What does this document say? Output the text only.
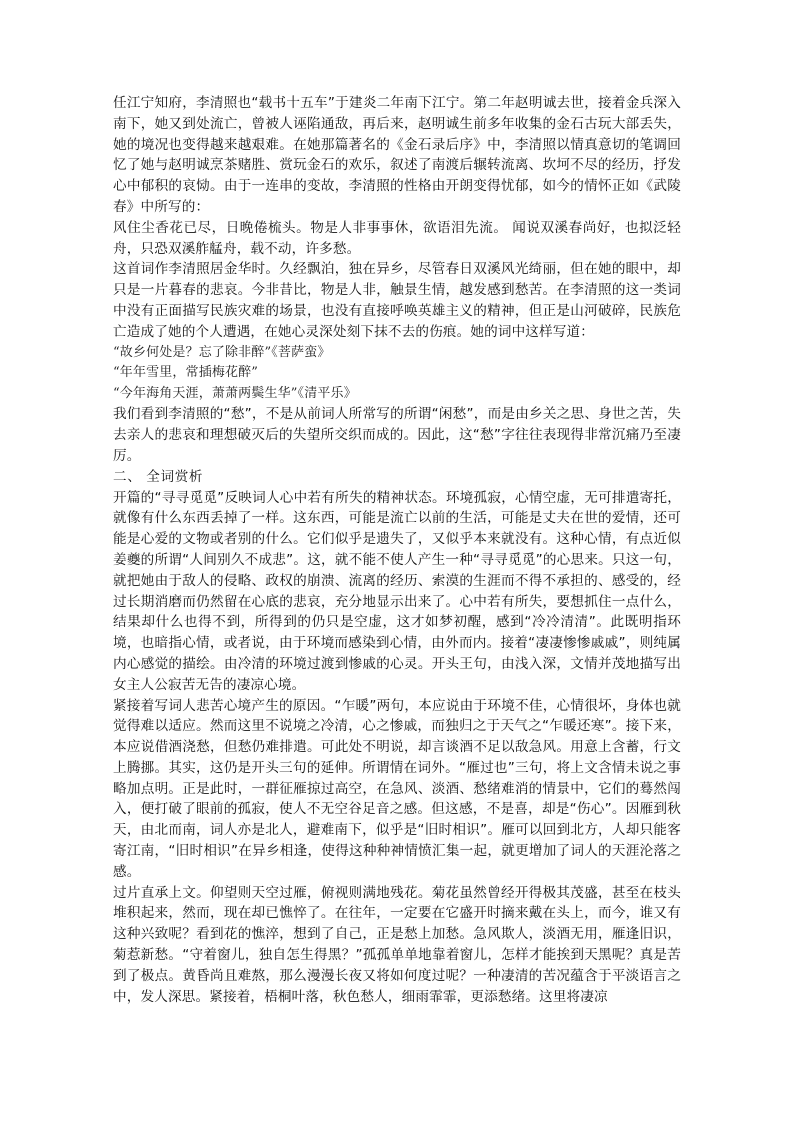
任江宁知府，李清照也“载书十五车”于建炎二年南下江宁。第二年赵明诚去世，接着金兵深入南下，她又到处流亡，曾被人诬陷通敌，再后来，赵明诚生前多年收集的金石古玩大部丢失，她的境况也变得越来越艰难。在她那篇著名的《金石录后序》中，李清照以情真意切的笔调回忆了她与赵明诚烹茶赌胜、赏玩金石的欢乐，叙述了南渡后辗转流离、坎坷不尽的经历，抒发心中郁积的哀恸。由于一连串的变故，李清照的性格由开朗变得忧郁，如今的情怀正如《武陵春》中所写的：

风住尘香花已尽，日晚倦梳头。物是人非事事休，欲语泪先流。 闻说双溪春尚好，也拟泛轻舟，只恐双溪舴艋舟，载不动，许多愁。

这首词作李清照居金华时。久经飘泊，独在异乡，尽管春日双溪风光绮丽，但在她的眼中，却只是一片暮春的悲哀。今非昔比，物是人非，触景生情，越发感到愁苦。在李清照的这一类词中没有正面描写民族灾难的场景，也没有直接呼唤英雄主义的精神，但正是山河破碎，民族危亡造成了她的个人遭遇，在她心灵深处刻下抹不去的伤痕。她的词中这样写道：

“故乡何处是？忘了除非醉”《菩萨蛮》

“年年雪里，常插梅花醉”

“今年海角天涯，萧萧两鬓生华”《清平乐》

我们看到李清照的“愁”，不是从前词人所常写的所谓“闲愁”，而是由乡关之思、身世之苦，失去亲人的悲哀和理想破灭后的失望所交织而成的。因此，这“愁”字往往表现得非常沉痛乃至凄厉。

二、 全词赏析

开篇的“寻寻觅觅”反映词人心中若有所失的精神状态。环境孤寂，心情空虚，无可排遣寄托，就像有什么东西丢掉了一样。这东西，可能是流亡以前的生活，可能是丈夫在世的爱情，还可能是心爱的文物或者别的什么。它们似乎是遗失了，又似乎本来就没有。这种心情，有点近似姜夔的所谓“人间别久不成悲”。这，就不能不使人产生一种“寻寻觅觅”的心思来。只这一句，就把她由于敌人的侵略、政权的崩溃、流离的经历、索漠的生涯而不得不承担的、感受的，经过长期消磨而仍然留在心底的悲哀，充分地显示出来了。心中若有所失，要想抓住一点什么，结果却什么也得不到，所得到的仍只是空虚，这才如梦初醒，感到“冷冷清清”。此既明指环境，也暗指心情，或者说，由于环境而感染到心情，由外而内。接着“凄凄惨惨戚戚”，则纯属内心感觉的描绘。由冷清的环境过渡到惨戚的心灵。开头王句，由浅入深，文情并茂地描写出女主人公寂苦无告的凄凉心境。

紧接着写词人悲苦心境产生的原因。“乍暖”两句，本应说由于环境不佳，心情很坏，身体也就觉得难以适应。然而这里不说境之冷清，心之惨戚，而独归之于天气之“乍暖还寒”。接下来，本应说借酒浇愁，但愁仍难排遣。可此处不明说，却言谈酒不足以敌急风。用意上含蓄，行文上腾挪。其实，这仍是开头三句的延伸。所谓情在词外。“雁过也”三句，将上文含情未说之事略加点明。正是此时，一群征雁掠过高空，在急风、淡酒、愁绪难消的情景中，它们的蓦然闯入，便打破了眼前的孤寂，使人不无空谷足音之感。但这感，不是喜，却是“伤心”。因雁到秋天，由北而南，词人亦是北人，避难南下，似乎是“旧时相识”。雁可以回到北方，人却只能客寄江南，“旧时相识”在异乡相逢，使得这种种神情愤汇集一起，就更增加了词人的天涯沦落之感。

过片直承上文。仰望则天空过雁，俯视则满地残花。菊花虽然曾经开得极其茂盛，甚至在枝头堆积起来，然而，现在却已憔悴了。在往年，一定要在它盛开时摘来戴在头上，而今，谁又有这种兴致呢？看到花的憔淬，想到了自己，正是愁上加愁。急风欺人，淡酒无用，雁逢旧识，菊惹新愁。“守着窗儿，独自怎生得黑？”孤孤单单地靠着窗儿，怎样才能挨到天黑呢？真是苦到了极点。黄昏尚且难熬，那么漫漫长夜又将如何度过呢？一种凄清的苦况蕴含于平淡语言之中，发人深思。紧接着，梧桐叶落，秋色愁人，细雨霏霏，更添愁绪。这里将凄凉
